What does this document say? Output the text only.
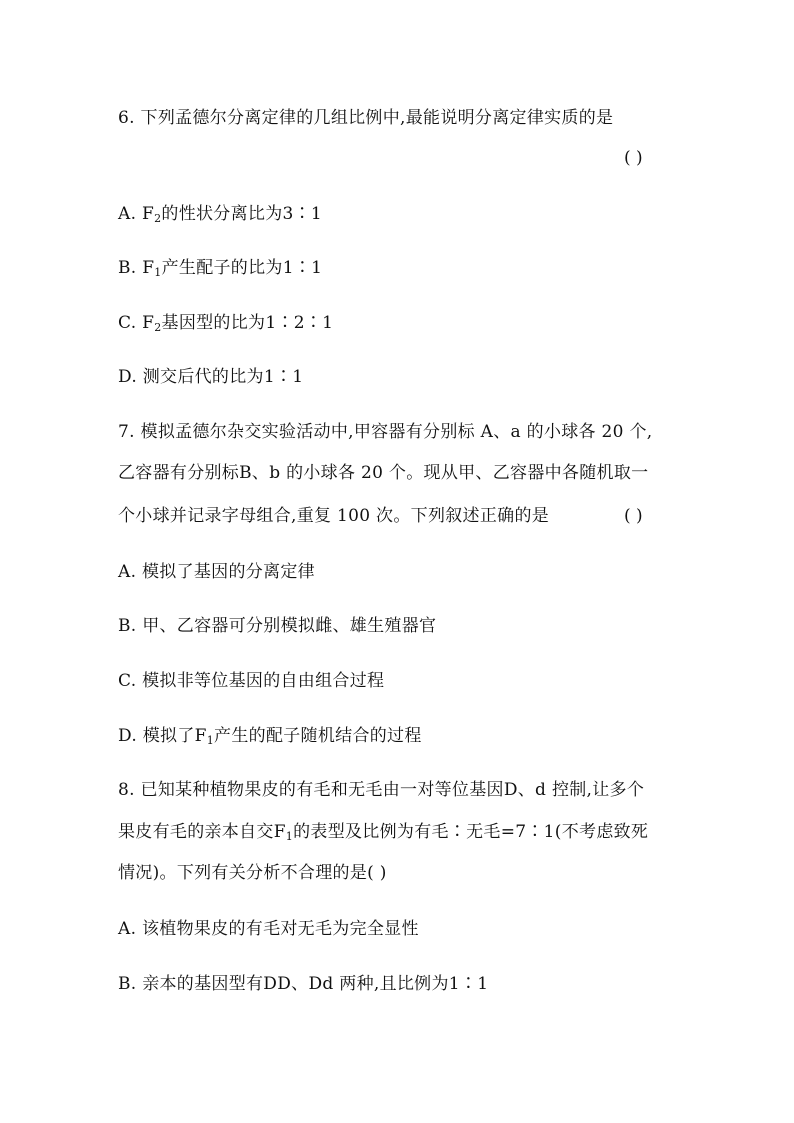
6. 下列孟德尔分离定律的几组比例中,最能说明分离定律实质的是
( )
A. $F_2$的性状分离比为3∶1
B. $F_1$产生配子的比为1∶1
C. $F_2$基因型的比为1∶2∶1
D. 测交后代的比为1∶1
7. 模拟孟德尔杂交实验活动中,甲容器有分别标 A、a 的小球各 20 个,
乙容器有分别标B、b 的小球各 20 个。现从甲、乙容器中各随机取一
个小球并记录字母组合,重复 100 次。下列叙述正确的是	( )
A. 模拟了基因的分离定律
B. 甲、乙容器可分别模拟雌、雄生殖器官
C. 模拟非等位基因的自由组合过程
D. 模拟了$F_1$产生的配子随机结合的过程
8. 已知某种植物果皮的有毛和无毛由一对等位基因D、d 控制,让多个
果皮有毛的亲本自交$F_1$的表型及比例为有毛∶无毛=7∶1(不考虑致死
情况)。下列有关分析不合理的是( )
A. 该植物果皮的有毛对无毛为完全显性
B. 亲本的基因型有DD、Dd 两种,且比例为1∶1
